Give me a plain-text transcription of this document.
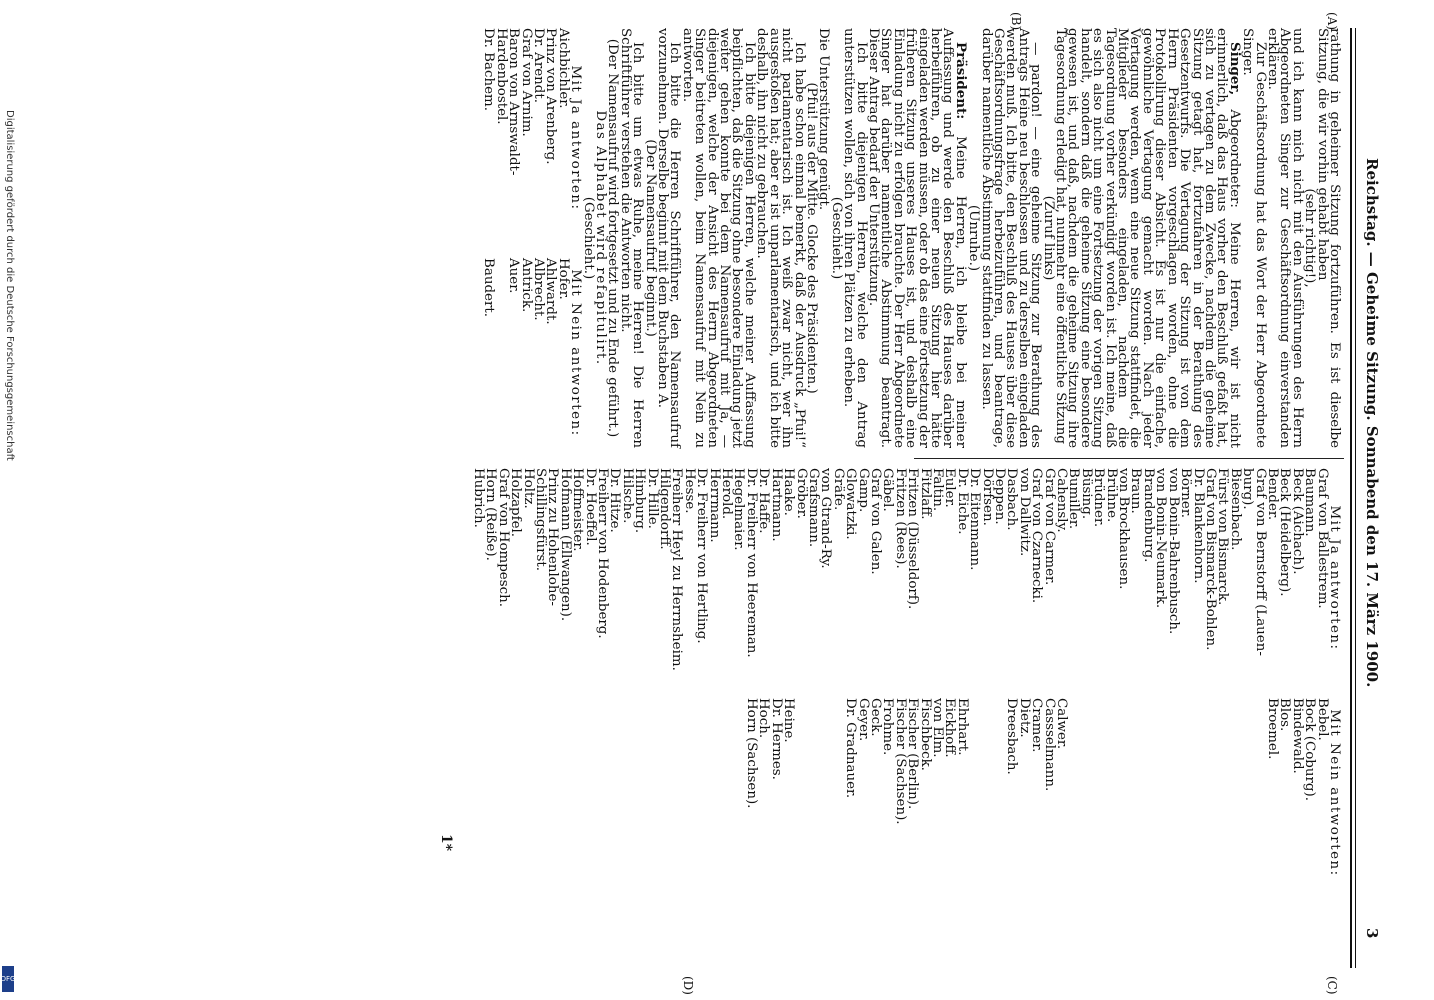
Reichstag. — Geheime Sitzung. Sonnabend den 17. März 1900.
3
(A)
(B)
(C)
(D)

rathung in geheimer Sitzung fortzuführen. Es ist dieselbe Sitzung, die wir vorhin gehabt haben

(sehr richtig!),

und ich kann mich nicht mit den Ausführungen des Herrn Abgeordneten Singer zur Geschäftsordnung einverstanden erklären.

Zur Geschäftsordnung hat das Wort der Herr Abgeordnete Singer.

Singer, Abgeordneter: Meine Herren, wir ist nicht erinnerlich, daß das Haus vorher den Beschluß gefaßt hat, sich zu vertagen zu dem Zwecke, nachdem die geheime Sitzung getagt hat, fortzufahren in der Berathung des Gesetzentwurfs. Die Vertagung der Sitzung ist von dem Herrn Präsidenten vorgeschlagen worden, ohne die Protokollirung dieser Absicht. Es ist nur die einfache, gewöhnliche Vertagung gemacht worden. Nach jeder Vertagung werden, wenn eine neue Sitzung stattfindet, die Mitglieder besonders eingeladen, nachdem die Tagesordnung vorher verkündigt worden ist. Ich meine, daß es sich also nicht um eine Fortsetzung der vorigen Sitzung handelt, sondern daß die geheime Sitzung eine besondere gewesen ist, und daß, nachdem die geheime Sitzung ihre Tagesordnung erledigt hat, nunmehr eine öffentliche Sitzung

(Zuruf links)

— pardon! — eine geheime Sitzung zur Berathung des Antrags Heine neu beschlossen und zu derselben eingeladen werden muß. Ich bitte, den Beschluß des Hauses über diese Geschäftsordnungsfrage herbeizuführen, und beantrage, darüber namentliche Abstimmung stattfinden zu lassen.

(Unruhe.)

Präsident: Meine Herren, ich bleibe bei meiner Auffassung und werde den Beschluß des Hauses darüber herbeiführen, ob zu einer neuen Sitzung hier hätte eingeladen werden müssen, oder ob das eine Fortsetzung der früheren Sitzung unseres Hauses ist, und deshalb eine Einladung nicht zu erfolgen brauchte. Der Herr Abgeordnete Singer hat darüber namentliche Abstimmung beantragt. Dieser Antrag bedarf der Unterstützung.

Ich bitte diejenigen Herren, welche den Antrag unterstützen wollen, sich von ihren Plätzen zu erheben.

(Geschieht.)

Die Unterstützung genügt.

(Pfui! aus der Mitte. Glocke des Präsidenten.)

Ich habe schon einmal bemerkt, daß der Ausdruck „Pfui!“ nicht parlamentarisch ist. Ich weiß zwar nicht, wer ihn ausgestoßen hat; aber er ist unparlamentarisch, und ich bitte deshalb, ihn nicht zu gebrauchen.

Ich bitte diejenigen Herren, welche meiner Auffassung beipflichten, daß die Sitzung ohne besondere Einladung jetzt weiter gehen konnte bei dem Namensaufruf mit Ja, — diejenigen, welche der Ansicht des Herrn Abgeordneten Singer beitreten wollen, beim Namensaufruf mit Nein zu antworten.

Ich bitte die Herren Schriftführer, den Namensaufruf vorzunehmen. Derselbe beginnt mit dem Buchstaben A.

(Der Namensaufruf beginnt.)

Ich bitte um etwas Ruhe, meine Herren! Die Herren Schriftführer verstehen die Antworten nicht.

(Der Namensaufruf wird fortgesetzt und zu Ende geführt.)

Das Alphabet wird refapitulirt.

(Geschieht.)

Mit Ja antworten:

Aichbichler.
Prinz von Arenberg.
Dr. Arendt.
Graf von Arnim.
Baron von Arnswaldt-
Hardenbostel.
Dr. Bachem.

Mit Nein antworten:

Hofer.
Ahlwardt.
Albrecht.
Antrick.
Auer.

Baudert.

Mit Ja antworten:

Graf von Ballestrem.
Baumann.
Beck (Aichach).
Beck (Heidelberg).
Bender.
Graf von Bernstorff (Lauen-
burg).
Biesenbach.
Fürst von Bismarck.
Graf von Bismarck-Bohlen.
Dr. Blankenhorn.
Börner.
von Bonin-Bahrenbusch.
von Bonin-Neumark.
Brandenburg.
Braun.
von Brockhausen.
Brühne.
Brüdner.
Büsing.
Bumiller.
Cahensly.
Graf von Carmer.
Graf von Czarnecki.
von Dallwitz.
Dasbach.
Deppen.
Dörfsen.
Dr. Eitenmann.
Dr. Eiche.
Euler.
Faltin.
Fitzlaff.
Fritzen (Düsseldorf).
Fritzen (Rees).
Gäbel.
Graf von Galen.
Gamp.
Glowatzki.
Gräfe.
von Gtrand-Ry.
Grafsmann.
Gröber.
Haake.
Hartmann.
Dr. Haffe.
Dr. Freiherr von Heereman.
Hegelmaier.
Herold.
Herrmann.
Dr. Freiherr von Hertling.
Hesse.
Freiherr Heyl zu Herrnsheim.
Hilgendorff.
Dr. Hille.
Himburg.
Hilsche.
Dr. Hitze.
Freiherr von Hodenberg.
Dr. Hoeffel.
Hoffmeister.
Hofmann (Ellwangen).
Prinz zu Hohenlohe-
Schillingsfürst.
Holtz.
Holzapfel.
Graf von Hompesch.
Horn (Reiße).
Hubrich.

Mit Nein antworten:

Bebel.
Bock (Coburg).
Bindewald.
Blos.
Broemel.

Calwer.
Cassselmann.
Cramer.
Dietz.
Dreesbach.

Ehrhart.
Eickhoff.
von Elm.
Fischbeck.
Fischer (Berlin).
Fischer (Sachsen).
Frohme.
Geck.
Geyer.
Dr. Gradnauer.

Heine.
Dr. Hermes.
Hoch.
Horn (Sachsen).
1*
Digitalisierung gefördert durch die Deutsche Forschungsgemeinschaft
DFG
